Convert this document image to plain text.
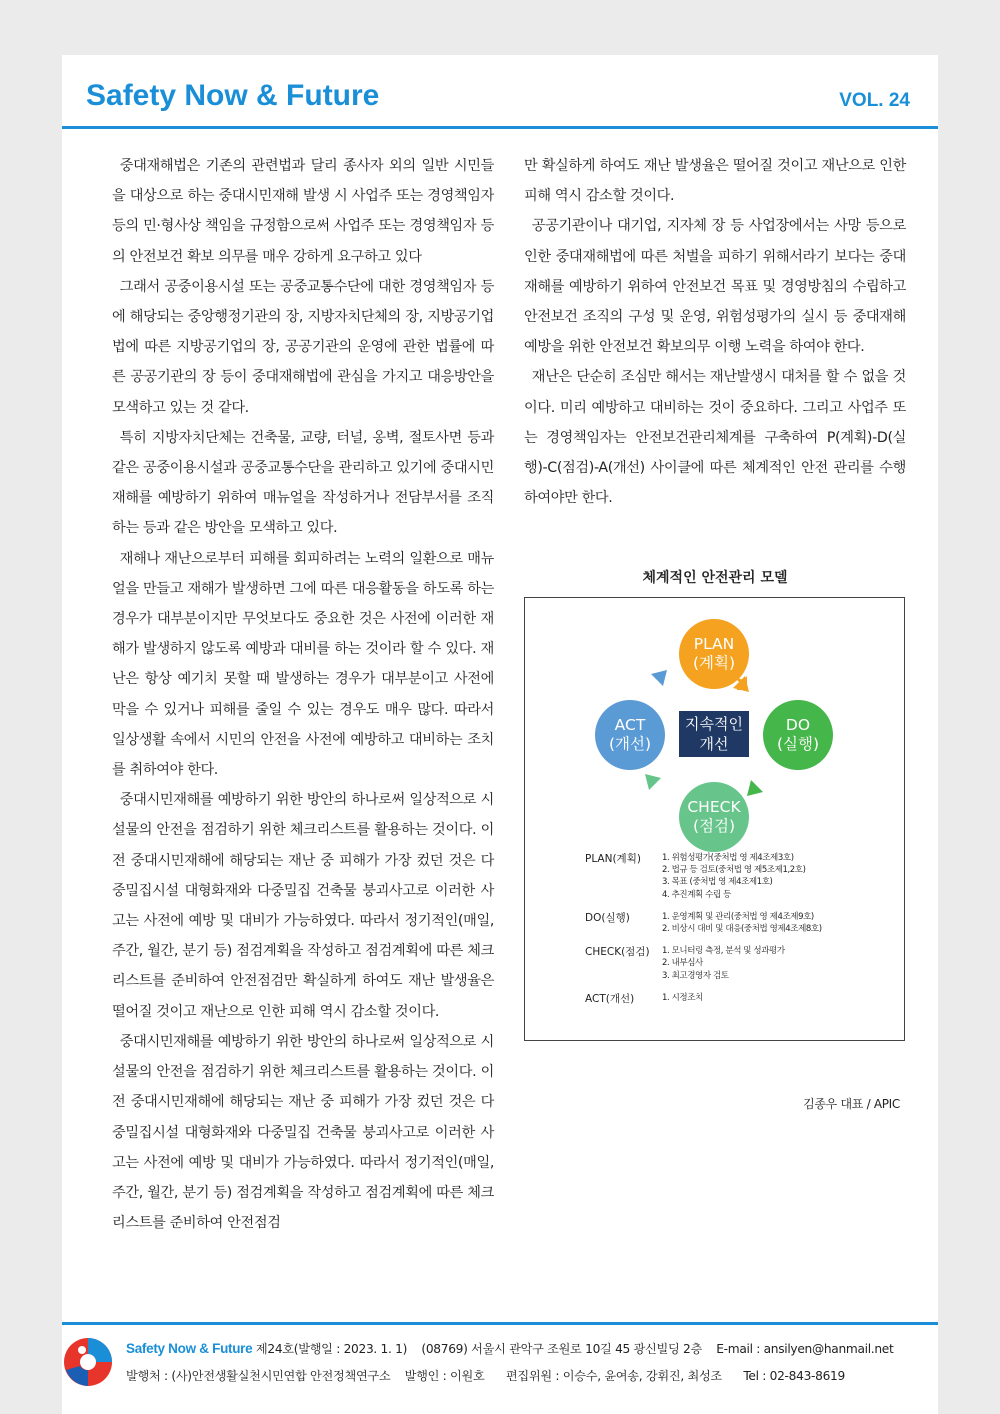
Safety Now & Future	VOL. 24

중대재해법은 기존의 관련법과 달리 종사자 외의 일반 시민들을 대상으로 하는 중대시민재해 발생 시 사업주 또는 경영책임자 등의 민·형사상 책임을 규정함으로써 사업주 또는 경영책임자 등의 안전보건 확보 의무를 매우 강하게 요구하고 있다

그래서 공중이용시설 또는 공중교통수단에 대한 경영책임자 등에 해당되는 중앙행정기관의 장, 지방자치단체의 장, 지방공기업법에 따른 지방공기업의 장, 공공기관의 운영에 관한 법률에 따른 공공기관의 장 등이 중대재해법에 관심을 가지고 대응방안을 모색하고 있는 것 같다.

특히 지방자치단체는 건축물, 교량, 터널, 옹벽, 절토사면 등과 같은 공중이용시설과 공중교통수단을 관리하고 있기에 중대시민재해를 예방하기 위하여 매뉴얼을 작성하거나 전담부서를 조직하는 등과 같은 방안을 모색하고 있다.

재해나 재난으로부터 피해를 회피하려는 노력의 일환으로 매뉴얼을 만들고 재해가 발생하면 그에 따른 대응활동을 하도록 하는 경우가 대부분이지만 무엇보다도 중요한 것은 사전에 이러한 재해가 발생하지 않도록 예방과 대비를 하는 것이라 할 수 있다. 재난은 항상 예기치 못할 때 발생하는 경우가 대부분이고 사전에 막을 수 있거나 피해를 줄일 수 있는 경우도 매우 많다. 따라서 일상생활 속에서 시민의 안전을 사전에 예방하고 대비하는 조치를 취하여야 한다.

중대시민재해를 예방하기 위한 방안의 하나로써 일상적으로 시설물의 안전을 점검하기 위한 체크리스트를 활용하는 것이다. 이전 중대시민재해에 해당되는 재난 중 피해가 가장 컸던 것은 다중밀집시설 대형화재와 다중밀집 건축물 붕괴사고로 이러한 사고는 사전에 예방 및 대비가 가능하였다. 따라서 정기적인(매일, 주간, 월간, 분기 등) 점검계획을 작성하고 점검계획에 따른 체크리스트를 준비하여 안전점검만 확실하게 하여도 재난 발생율은 떨어질 것이고 재난으로 인한 피해 역시 감소할 것이다.

중대시민재해를 예방하기 위한 방안의 하나로써 일상적으로 시설물의 안전을 점검하기 위한 체크리스트를 활용하는 것이다. 이전 중대시민재해에 해당되는 재난 중 피해가 가장 컸던 것은 다중밀집시설 대형화재와 다중밀집 건축물 붕괴사고로 이러한 사고는 사전에 예방 및 대비가 가능하였다. 따라서 정기적인(매일, 주간, 월간, 분기 등) 점검계획을 작성하고 점검계획에 따른 체크리스트를 준비하여 안전점검

만 확실하게 하여도 재난 발생율은 떨어질 것이고 재난으로 인한 피해 역시 감소할 것이다.

공공기관이나 대기업, 지자체 장 등 사업장에서는 사망 등으로 인한 중대재해법에 따른 처벌을 피하기 위해서라기 보다는 중대재해를 예방하기 위하여 안전보건 목표 및 경영방침의 수립하고 안전보건 조직의 구성 및 운영, 위험성평가의 실시 등 중대재해 예방을 위한 안전보건 확보의무 이행 노력을 하여야 한다.

재난은 단순히 조심만 해서는 재난발생시 대처를 할 수 없을 것이다. 미리 예방하고 대비하는 것이 중요하다. 그리고 사업주 또는 경영책임자는 안전보건관리체계를 구축하여 P(계획)-D(실행)-C(점검)-A(개선) 사이클에 따른 체계적인 안전 관리를 수행하여야만 한다.

체계적인 안전관리 모델
PLAN
(계획)
DO
(실행)
CHECK
(점검)
ACT
(개선)
지속적인
개선
PLAN(계획) 1. 위험성평가(중처법 영 제4조제3호)
2. 법규 등 검토(중처법 영 제5조제1,2호)
3. 목표 (중처법 영 제4조제1호)
4. 추진계획 수립 등
DO(실행)	1. 운영계획 및 관리(중처법 영 제4조제9호)
2. 비상시 대비 및 대응(중처법 영제4조제8호)
CHECK(점검) 1. 모니터링 측정, 분석 및 성과평가
2. 내부심사
3. 최고경영자 검토
ACT(개선)	1. 시정조치
김종우 대표 / APIC
Safety Now & Future 제24호(발행일 : 2023. 1. 1) (08769) 서울시 관악구 조원로 10길 45 광신빌딩 2층 E-mail : ansilyen@hanmail.net
발행처 : (사)안전생활실천시민연합 안전정책연구소 발행인 : 이원호 편집위원 : 이승수, 윤여송, 강휘진, 최성조 Tel : 02-843-8619
